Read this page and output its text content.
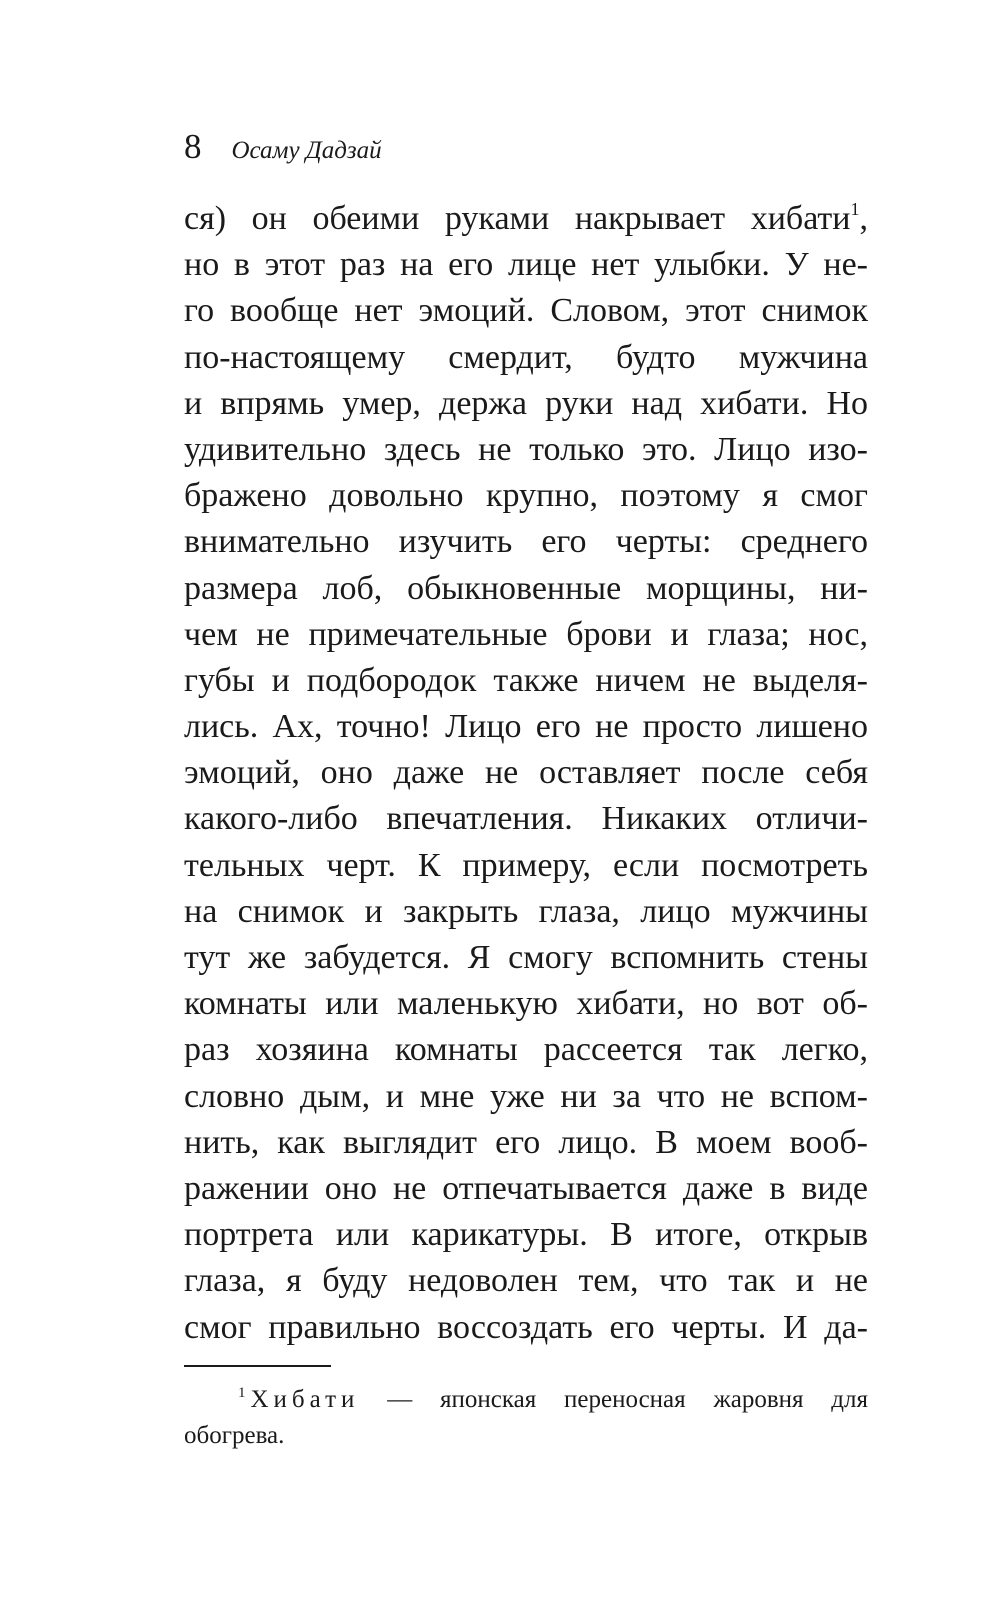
8 Осаму Дадзай
ся) он обеими руками накрывает хибати$^1$,
но в этот раз на его лице нет улыбки. У не-
го вообще нет эмоций. Словом, этот снимок
по-настоящему смердит, будто мужчина
и впрямь умер, держа руки над хибати. Но
удивительно здесь не только это. Лицо изо-
бражено довольно крупно, поэтому я смог
внимательно изучить его черты: среднего
размера лоб, обыкновенные морщины, ни-
чем не примечательные брови и глаза; нос,
губы и подбородок также ничем не выделя-
лись. Ах, точно! Лицо его не просто лишено
эмоций, оно даже не оставляет после себя
какого-либо впечатления. Никаких отличи-
тельных черт. К примеру, если посмотреть
на снимок и закрыть глаза, лицо мужчины
тут же забудется. Я смогу вспомнить стены
комнаты или маленькую хибати, но вот об-
раз хозяина комнаты рассеется так легко,
словно дым, и мне уже ни за что не вспом-
нить, как выглядит его лицо. В моем вооб-
ражении оно не отпечатывается даже в виде
портрета или карикатуры. В итоге, открыв
глаза, я буду недоволен тем, что так и не
смог правильно воссоздать его черты. И да-
$^1$ Хибати — японская переносная жаровня для
обогрева.
